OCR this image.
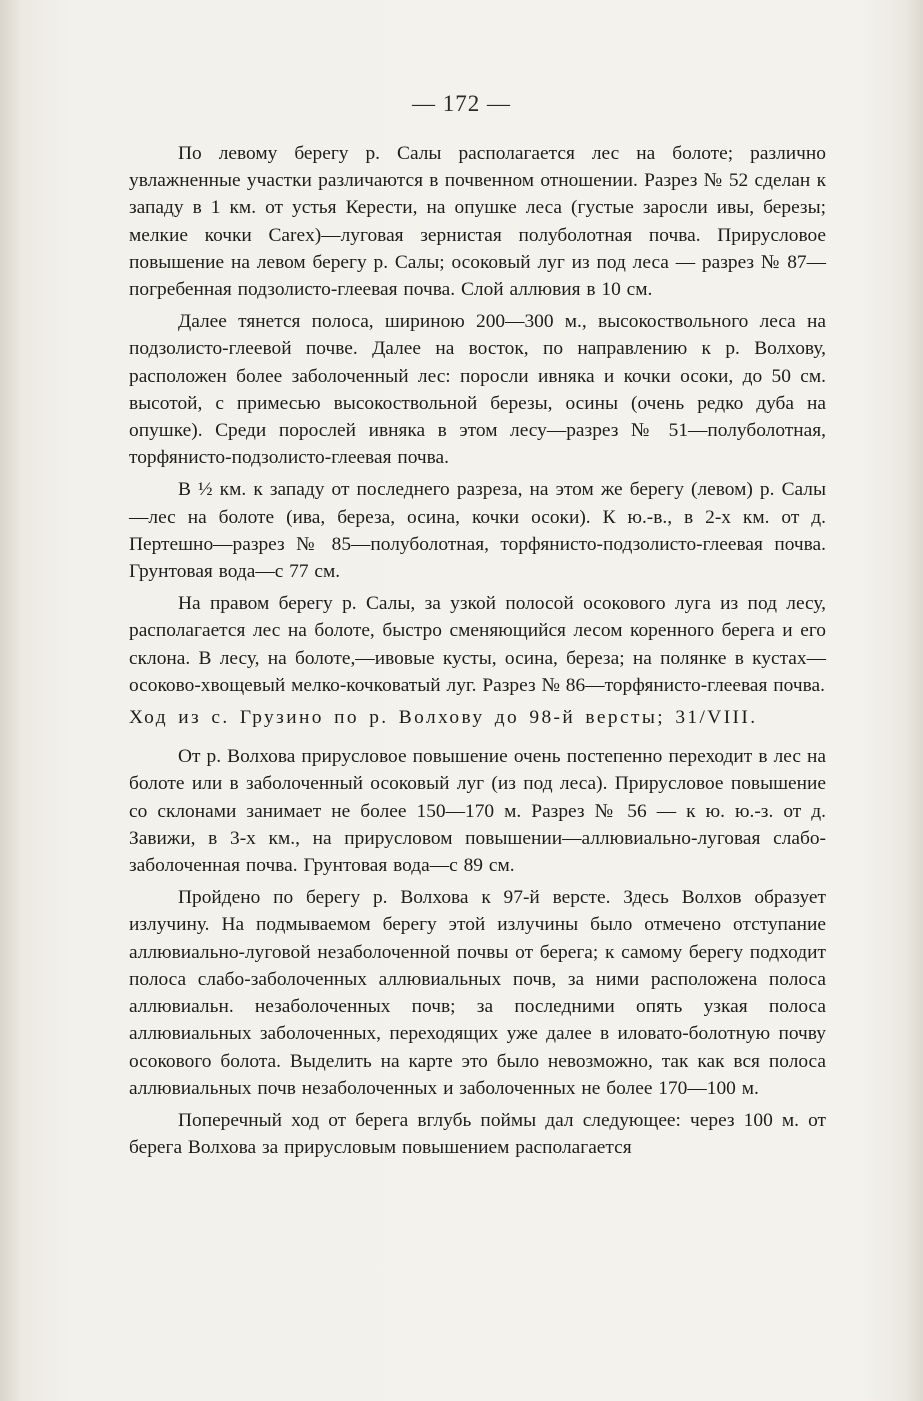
— 172 —

По левому берегу р. Салы располагается лес на болоте; различно увлажненные участки различаются в почвенном отношении. Разрез № 52 сделан к западу в 1 км. от устья Керести, на опушке леса (густые заросли ивы, березы; мелкие кочки Carex)—луговая зернистая полуболотная почва. Прирусловое повышение на левом берегу р. Салы; осоковый луг из под леса — разрез № 87—погребенная подзолисто-глеевая почва. Слой аллювия в 10 см.

Далее тянется полоса, шириною 200—300 м., высокоствольного леса на подзолисто-глеевой почве. Далее на восток, по направлению к р. Волхову, расположен более заболоченный лес: поросли ивняка и кочки осоки, до 50 см. высотой, с примесью высокоствольной березы, осины (очень редко дуба на опушке). Среди порослей ивняка в этом лесу—разрез № 51—полуболотная, торфянисто-подзолисто-глеевая почва.

В ½ км. к западу от последнего разреза, на этом же берегу (левом) р. Салы—лес на болоте (ива, береза, осина, кочки осоки). К ю.-в., в 2-х км. от д. Пертешно—разрез № 85—полуболотная, торфянисто-подзолисто-глеевая почва. Грунтовая вода—с 77 см.

На правом берегу р. Салы, за узкой полосой осокового луга из под лесу, располагается лес на болоте, быстро сменяющийся лесом коренного берега и его склона. В лесу, на болоте,—ивовые кусты, осина, береза; на полянке в кустах—осоково-хвощевый мелко-кочковатый луг. Разрез № 86—торфянисто-глеевая почва.

Ход из с. Грузино по р. Волхову до 98-й версты; 31/VIII.

От р. Волхова прирусловое повышение очень постепенно переходит в лес на болоте или в заболоченный осоковый луг (из под леса). Прирусловое повышение со склонами занимает не более 150—170 м. Разрез № 56 — к ю. ю.-з. от д. Завижи, в 3-х км., на прирусловом повышении—аллювиально-луговая слабо-заболоченная почва. Грунтовая вода—с 89 см.

Пройдено по берегу р. Волхова к 97-й версте. Здесь Волхов образует излучину. На подмываемом берегу этой излучины было отмечено отступание аллювиально-луговой незаболоченной почвы от берега; к самому берегу подходит полоса слабо-заболоченных аллювиальных почв, за ними расположена полоса аллювиальн. незаболоченных почв; за последними опять узкая полоса аллювиальных заболоченных, переходящих уже далее в иловато-болотную почву осокового болота. Выделить на карте это было невозможно, так как вся полоса аллювиальных почв незаболоченных и заболоченных не более 170—100 м.

Поперечный ход от берега вглубь поймы дал следующее: через 100 м. от берега Волхова за прирусловым повышением располагается
